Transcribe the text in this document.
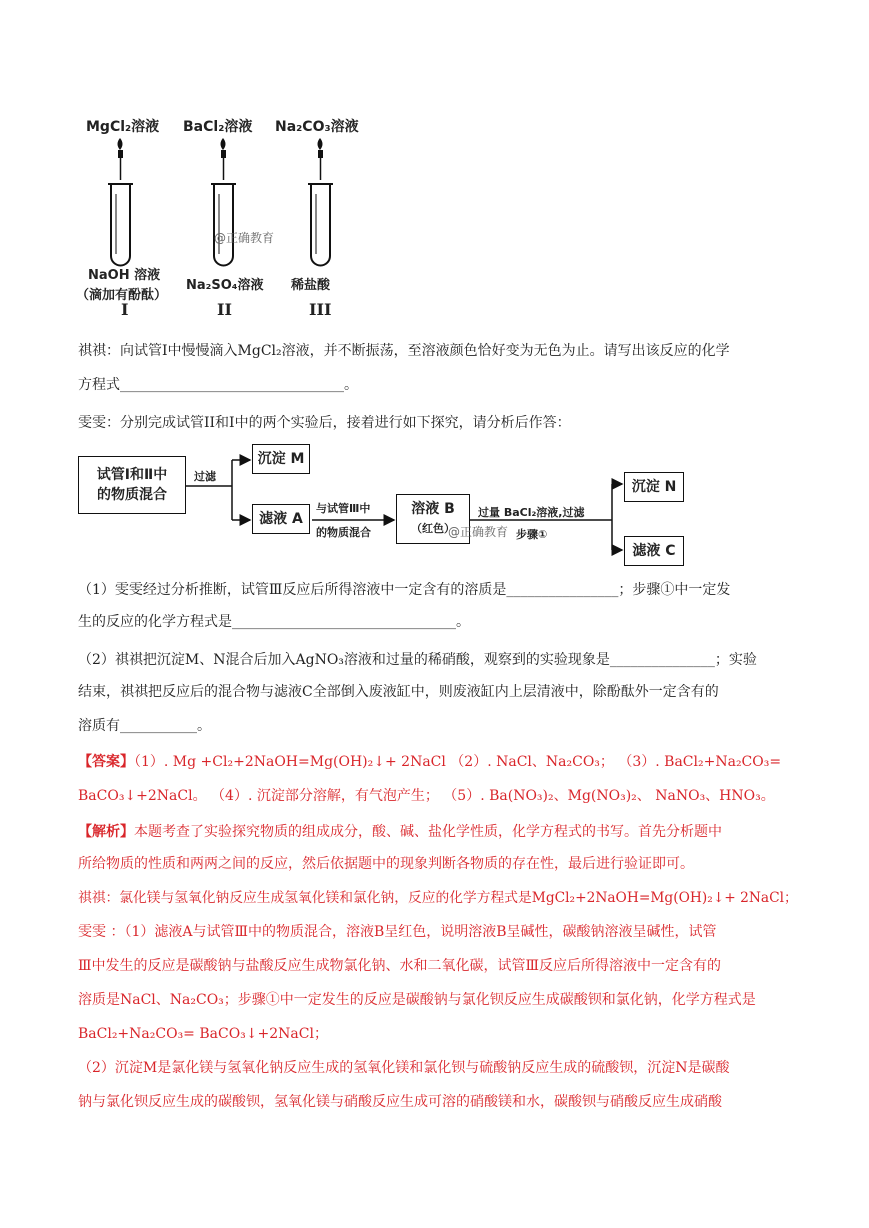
MgCl₂溶液 BaCl₂溶液 Na₂CO₃溶液
@正确教育
NaOH 溶液
（滴加有酚酞）
Na₂SO₄溶液 稀盐酸
I	II	III
祺祺：向试管Ⅰ中慢慢滴入MgCl₂溶液，并不断振荡，至溶液颜色恰好变为无色为止。请写出该反应的化学
方程式________________________________。
雯雯：分别完成试管II和Ⅰ中的两个实验后，接着进行如下探究，请分析后作答：
试管Ⅰ和Ⅱ中
的物质混合
过滤
沉淀 M
滤液 A
与试管Ⅲ中
的物质混合
溶液 B
（红色）
过量 BaCl₂溶液,过滤
@正确教育 步骤①
沉淀 N
滤液 C
（1）雯雯经过分析推断，试管Ⅲ反应后所得溶液中一定含有的溶质是________________；步骤①中一定发
生的反应的化学方程式是________________________________。
（2）祺祺把沉淀M、N混合后加入AgNO₃溶液和过量的稀硝酸，观察到的实验现象是_______________；实验
结束，祺祺把反应后的混合物与滤液C全部倒入废液缸中，则废液缸内上层清液中，除酚酞外一定含有的
溶质有___________。
【答案】（1）. Mg +Cl₂+2NaOH=Mg(OH)₂↓+ 2NaCl （2）. NaCl、Na₂CO₃； （3）. BaCl₂+Na₂CO₃=
BaCO₃↓+2NaCl。 （4）. 沉淀部分溶解，有气泡产生； （5）. Ba(NO₃)₂、Mg(NO₃)₂、 NaNO₃、HNO₃。
【解析】本题考查了实验探究物质的组成成分，酸、碱、盐化学性质，化学方程式的书写。首先分析题中
所给物质的性质和两两之间的反应，然后依据题中的现象判断各物质的存在性，最后进行验证即可。
祺祺：氯化镁与氢氧化钠反应生成氢氧化镁和氯化钠，反应的化学方程式是MgCl₂+2NaOH=Mg(OH)₂↓+ 2NaCl；
雯雯 ：（1）滤液A与试管Ⅲ中的物质混合，溶液B呈红色，说明溶液B呈碱性，碳酸钠溶液呈碱性，试管
Ⅲ中发生的反应是碳酸钠与盐酸反应生成物氯化钠、水和二氧化碳，试管Ⅲ反应后所得溶液中一定含有的
溶质是NaCl、Na₂CO₃；步骤①中一定发生的反应是碳酸钠与氯化钡反应生成碳酸钡和氯化钠，化学方程式是
BaCl₂+Na₂CO₃= BaCO₃↓+2NaCl；
（2）沉淀M是氯化镁与氢氧化钠反应生成的氢氧化镁和氯化钡与硫酸钠反应生成的硫酸钡，沉淀N是碳酸
钠与氯化钡反应生成的碳酸钡，氢氧化镁与硝酸反应生成可溶的硝酸镁和水，碳酸钡与硝酸反应生成硝酸
